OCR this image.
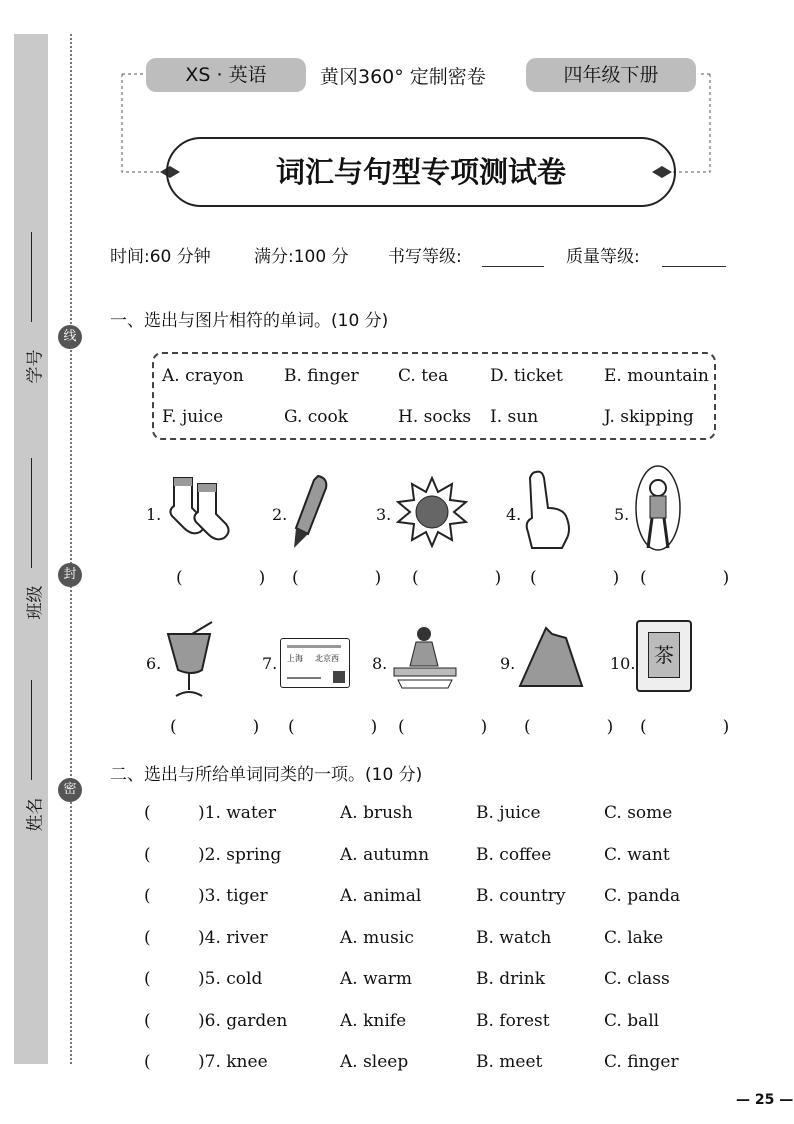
学号
班级
姓名
线
封
密
XS · 英语	黄冈360° 定制密卷	四年级下册
词汇与句型专项测试卷
时间:60 分钟	满分:100 分 书写等级:	质量等级:
一、选出与图片相符的单词。(10 分)
A. crayon B. finger C. tea D. ticket E. mountain
F. juice	G. cook	H. socks I. sun	J. skipping
1.	2.	3.	4.	5.
(　　) (　　) (　　) (　　) (　　)
6.	7. 上海 北京西 8.	9.	10. 茶
(　　) (　　) (　　) (　　) (　　)
二、选出与所给单词同类的一项。(10 分)
(	)1. water	A. brush	B. juice	C. some
(	)2. spring	A. autumn	B. coffee	C. want
(	)3. tiger	A. animal	B. country C. panda
(	)4. river	A. music	B. watch	C. lake
(	)5. cold	A. warm	B. drink	C. class
(	)6. garden	A. knife	B. forest	C. ball
(	)7. knee	A. sleep	B. meet	C. finger
— 25 —
